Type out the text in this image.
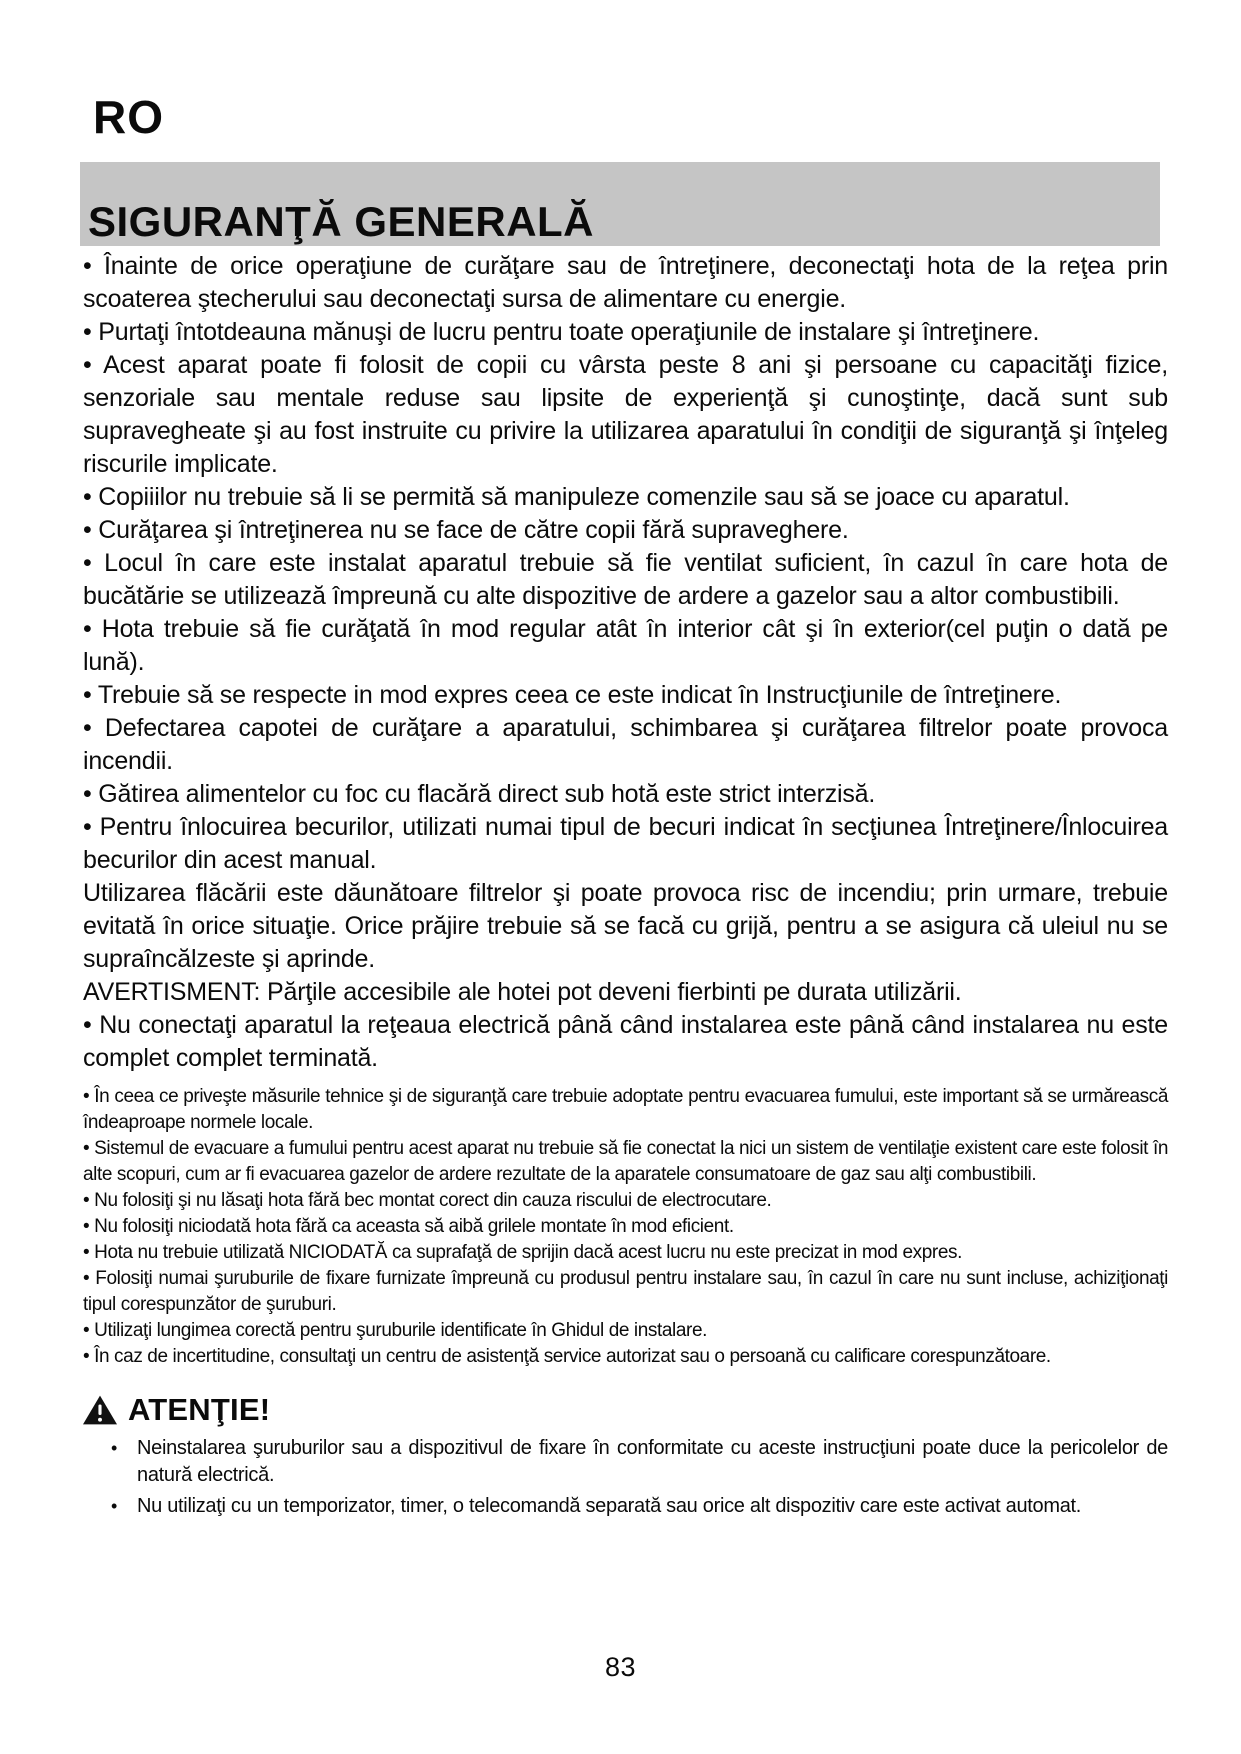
RO
SIGURANŢĂ GENERALĂ

• Înainte de orice operaţiune de curăţare sau de întreţinere, deconectaţi hota de la reţea prin scoaterea ştecherului sau deconectaţi sursa de alimentare cu energie.

• Purtaţi întotdeauna mănuşi de lucru pentru toate operaţiunile de instalare şi întreţinere.

• Acest aparat poate fi folosit de copii cu vârsta peste 8 ani şi persoane cu capacităţi fizice, senzoriale sau mentale reduse sau lipsite de experienţă şi cunoştinţe, dacă sunt sub supravegheate şi au fost instruite cu privire la utilizarea aparatului în condiţii de siguranţă şi înţeleg riscurile implicate.

• Copiiilor nu trebuie să li se permită să manipuleze comenzile sau să se joace cu aparatul.

• Curăţarea şi întreţinerea nu se face de către copii fără supraveghere.

• Locul în care este instalat aparatul trebuie să fie ventilat suficient, în cazul în care hota de bucătărie se utilizează împreună cu alte dispozitive de ardere a gazelor sau a altor combustibili.

• Hota trebuie să fie curăţată în mod regular atât în interior cât şi în exterior(cel puţin o dată pe lună).

• Trebuie să se respecte in mod expres ceea ce este indicat în Instrucţiunile de întreţinere.

• Defectarea capotei de curăţare a aparatului, schimbarea şi curăţarea filtrelor poate provoca incendii.

• Gătirea alimentelor cu foc cu flacără direct sub hotă este strict interzisă.

• Pentru înlocuirea becurilor, utilizati numai tipul de becuri indicat în secţiunea Întreţinere/Înlocuirea becurilor din acest manual.

Utilizarea flăcării este dăunătoare filtrelor şi poate provoca risc de incendiu; prin urmare, trebuie evitată în orice situaţie. Orice prăjire trebuie să se facă cu grijă, pentru a se asigura că uleiul nu se supraîncălzeste şi aprinde.

AVERTISMENT: Părţile accesibile ale hotei pot deveni fierbinti pe durata utilizării.

• Nu conectaţi aparatul la reţeaua electrică până când instalarea este până când instalarea nu este complet complet terminată.

• În ceea ce priveşte măsurile tehnice şi de siguranţă care trebuie adoptate pentru evacuarea fumului, este important să se urmărească îndeaproape normele locale.

• Sistemul de evacuare a fumului pentru acest aparat nu trebuie să fie conectat la nici un sistem de ventilaţie existent care este folosit în alte scopuri, cum ar fi evacuarea gazelor de ardere rezultate de la aparatele consumatoare de gaz sau alţi combustibili.

• Nu folosiţi şi nu lăsaţi hota fără bec montat corect din cauza riscului de electrocutare.

• Nu folosiţi niciodată hota fără ca aceasta să aibă grilele montate în mod eficient.

• Hota nu trebuie utilizată NICIODATĂ ca suprafaţă de sprijin dacă acest lucru nu este precizat in mod expres.

• Folosiţi numai şuruburile de fixare furnizate împreună cu produsul pentru instalare sau, în cazul în care nu sunt incluse, achiziţionaţi tipul corespunzător de şuruburi.

• Utilizaţi lungimea corectă pentru şuruburile identificate în Ghidul de instalare.

• În caz de incertitudine, consultaţi un centru de asistenţă service autorizat sau o persoană cu calificare corespunzătoare.

ATENŢIE!
• Neinstalarea şuruburilor sau a dispozitivul de fixare în conformitate cu aceste instrucţiuni poate duce la pericolelor de natură electrică.
• Nu utilizaţi cu un temporizator, timer, o telecomandă separată sau orice alt dispozitiv care este activat automat.
83
